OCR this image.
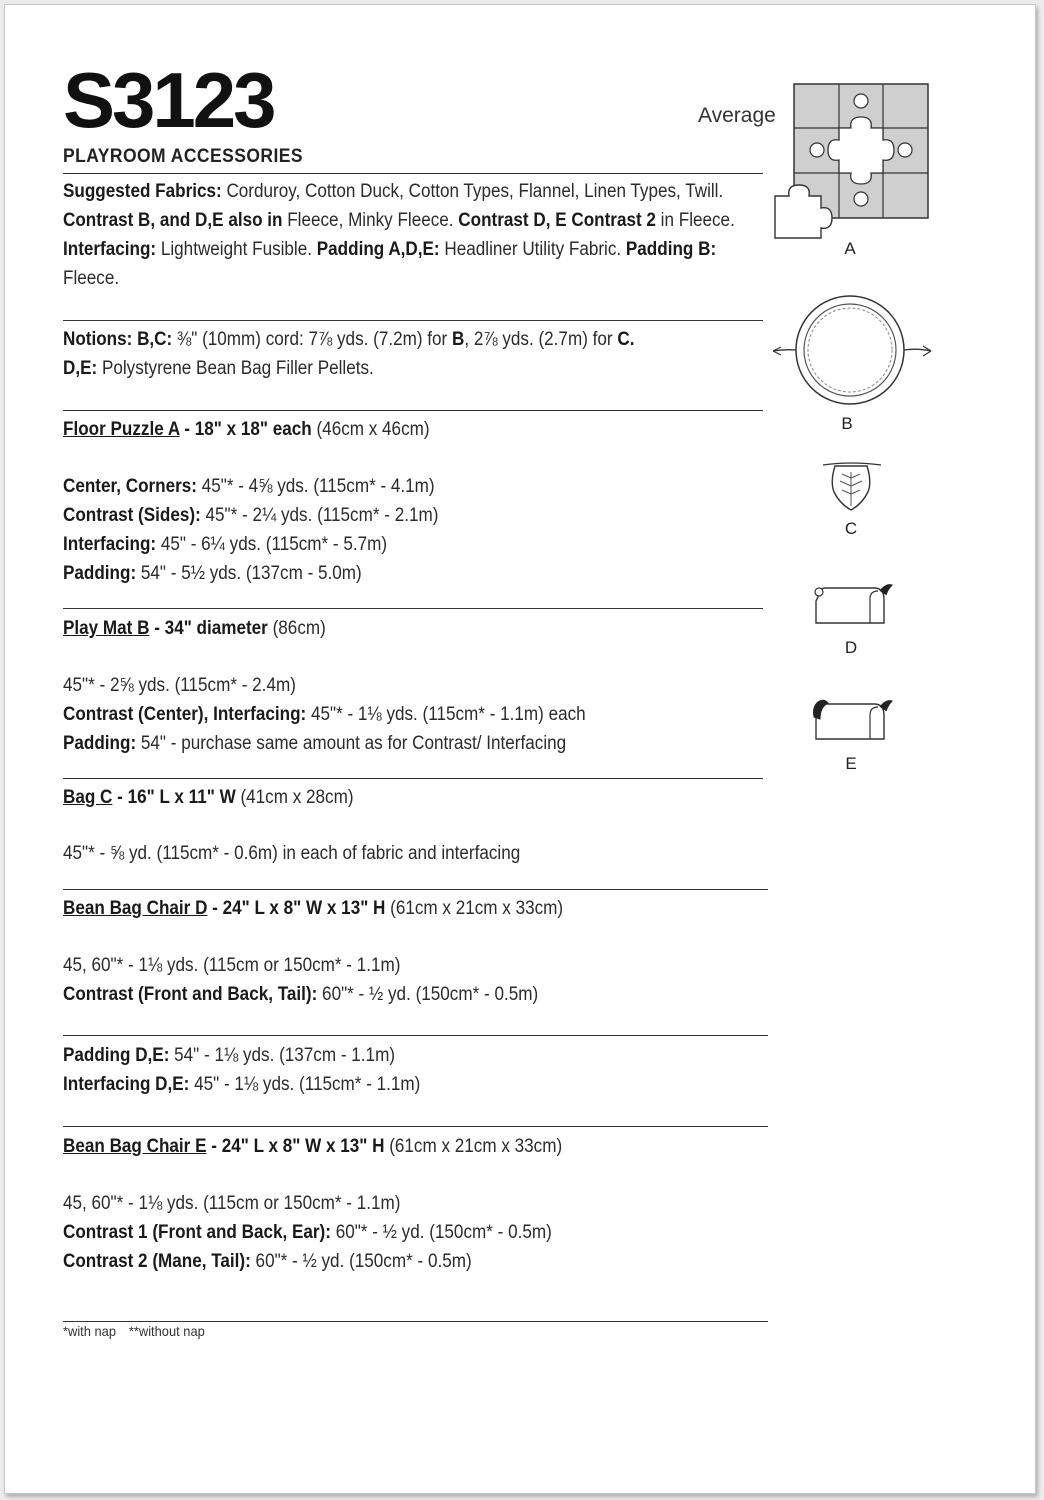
S3123	Average
PLAYROOM ACCESSORIES
Suggested Fabrics: Corduroy, Cotton Duck, Cotton Types, Flannel, Linen Types, Twill.
Contrast B, and D,E also in Fleece, Minky Fleece. Contrast D, E Contrast 2 in Fleece.
Interfacing: Lightweight Fusible. Padding A,D,E: Headliner Utility Fabric. Padding B:
Fleece.
Notions: B,C: ⅜" (10mm) cord: 7⅞ yds. (7.2m) for B, 2⅞ yds. (2.7m) for C.
D,E: Polystyrene Bean Bag Filler Pellets.
Floor Puzzle A - 18" x 18" each (46cm x 46cm)
Center, Corners: 45"* - 4⅝ yds. (115cm* - 4.1m)
Contrast (Sides): 45"* - 2¼ yds. (115cm* - 2.1m)
Interfacing: 45" - 6¼ yds. (115cm* - 5.7m)
Padding: 54" - 5½ yds. (137cm - 5.0m)
Play Mat B - 34" diameter (86cm)
45"* - 2⅝ yds. (115cm* - 2.4m)
Contrast (Center), Interfacing: 45"* - 1⅛ yds. (115cm* - 1.1m) each
Padding: 54" - purchase same amount as for Contrast/ Interfacing
Bag C - 16" L x 11" W (41cm x 28cm)
45"* - ⅝ yd. (115cm* - 0.6m) in each of fabric and interfacing
Bean Bag Chair D - 24" L x 8" W x 13" H (61cm x 21cm x 33cm)
45, 60"* - 1⅛ yds. (115cm or 150cm* - 1.1m)
Contrast (Front and Back, Tail): 60"* - ½ yd. (150cm* - 0.5m)
Padding D,E: 54" - 1⅛ yds. (137cm - 1.1m)
Interfacing D,E: 45" - 1⅛ yds. (115cm* - 1.1m)
Bean Bag Chair E - 24" L x 8" W x 13" H (61cm x 21cm x 33cm)
45, 60"* - 1⅛ yds. (115cm or 150cm* - 1.1m)
Contrast 1 (Front and Back, Ear): 60"* - ½ yd. (150cm* - 0.5m)
Contrast 2 (Mane, Tail): 60"* - ½ yd. (150cm* - 0.5m)
*with nap **without nap
A
B
C
D
E
